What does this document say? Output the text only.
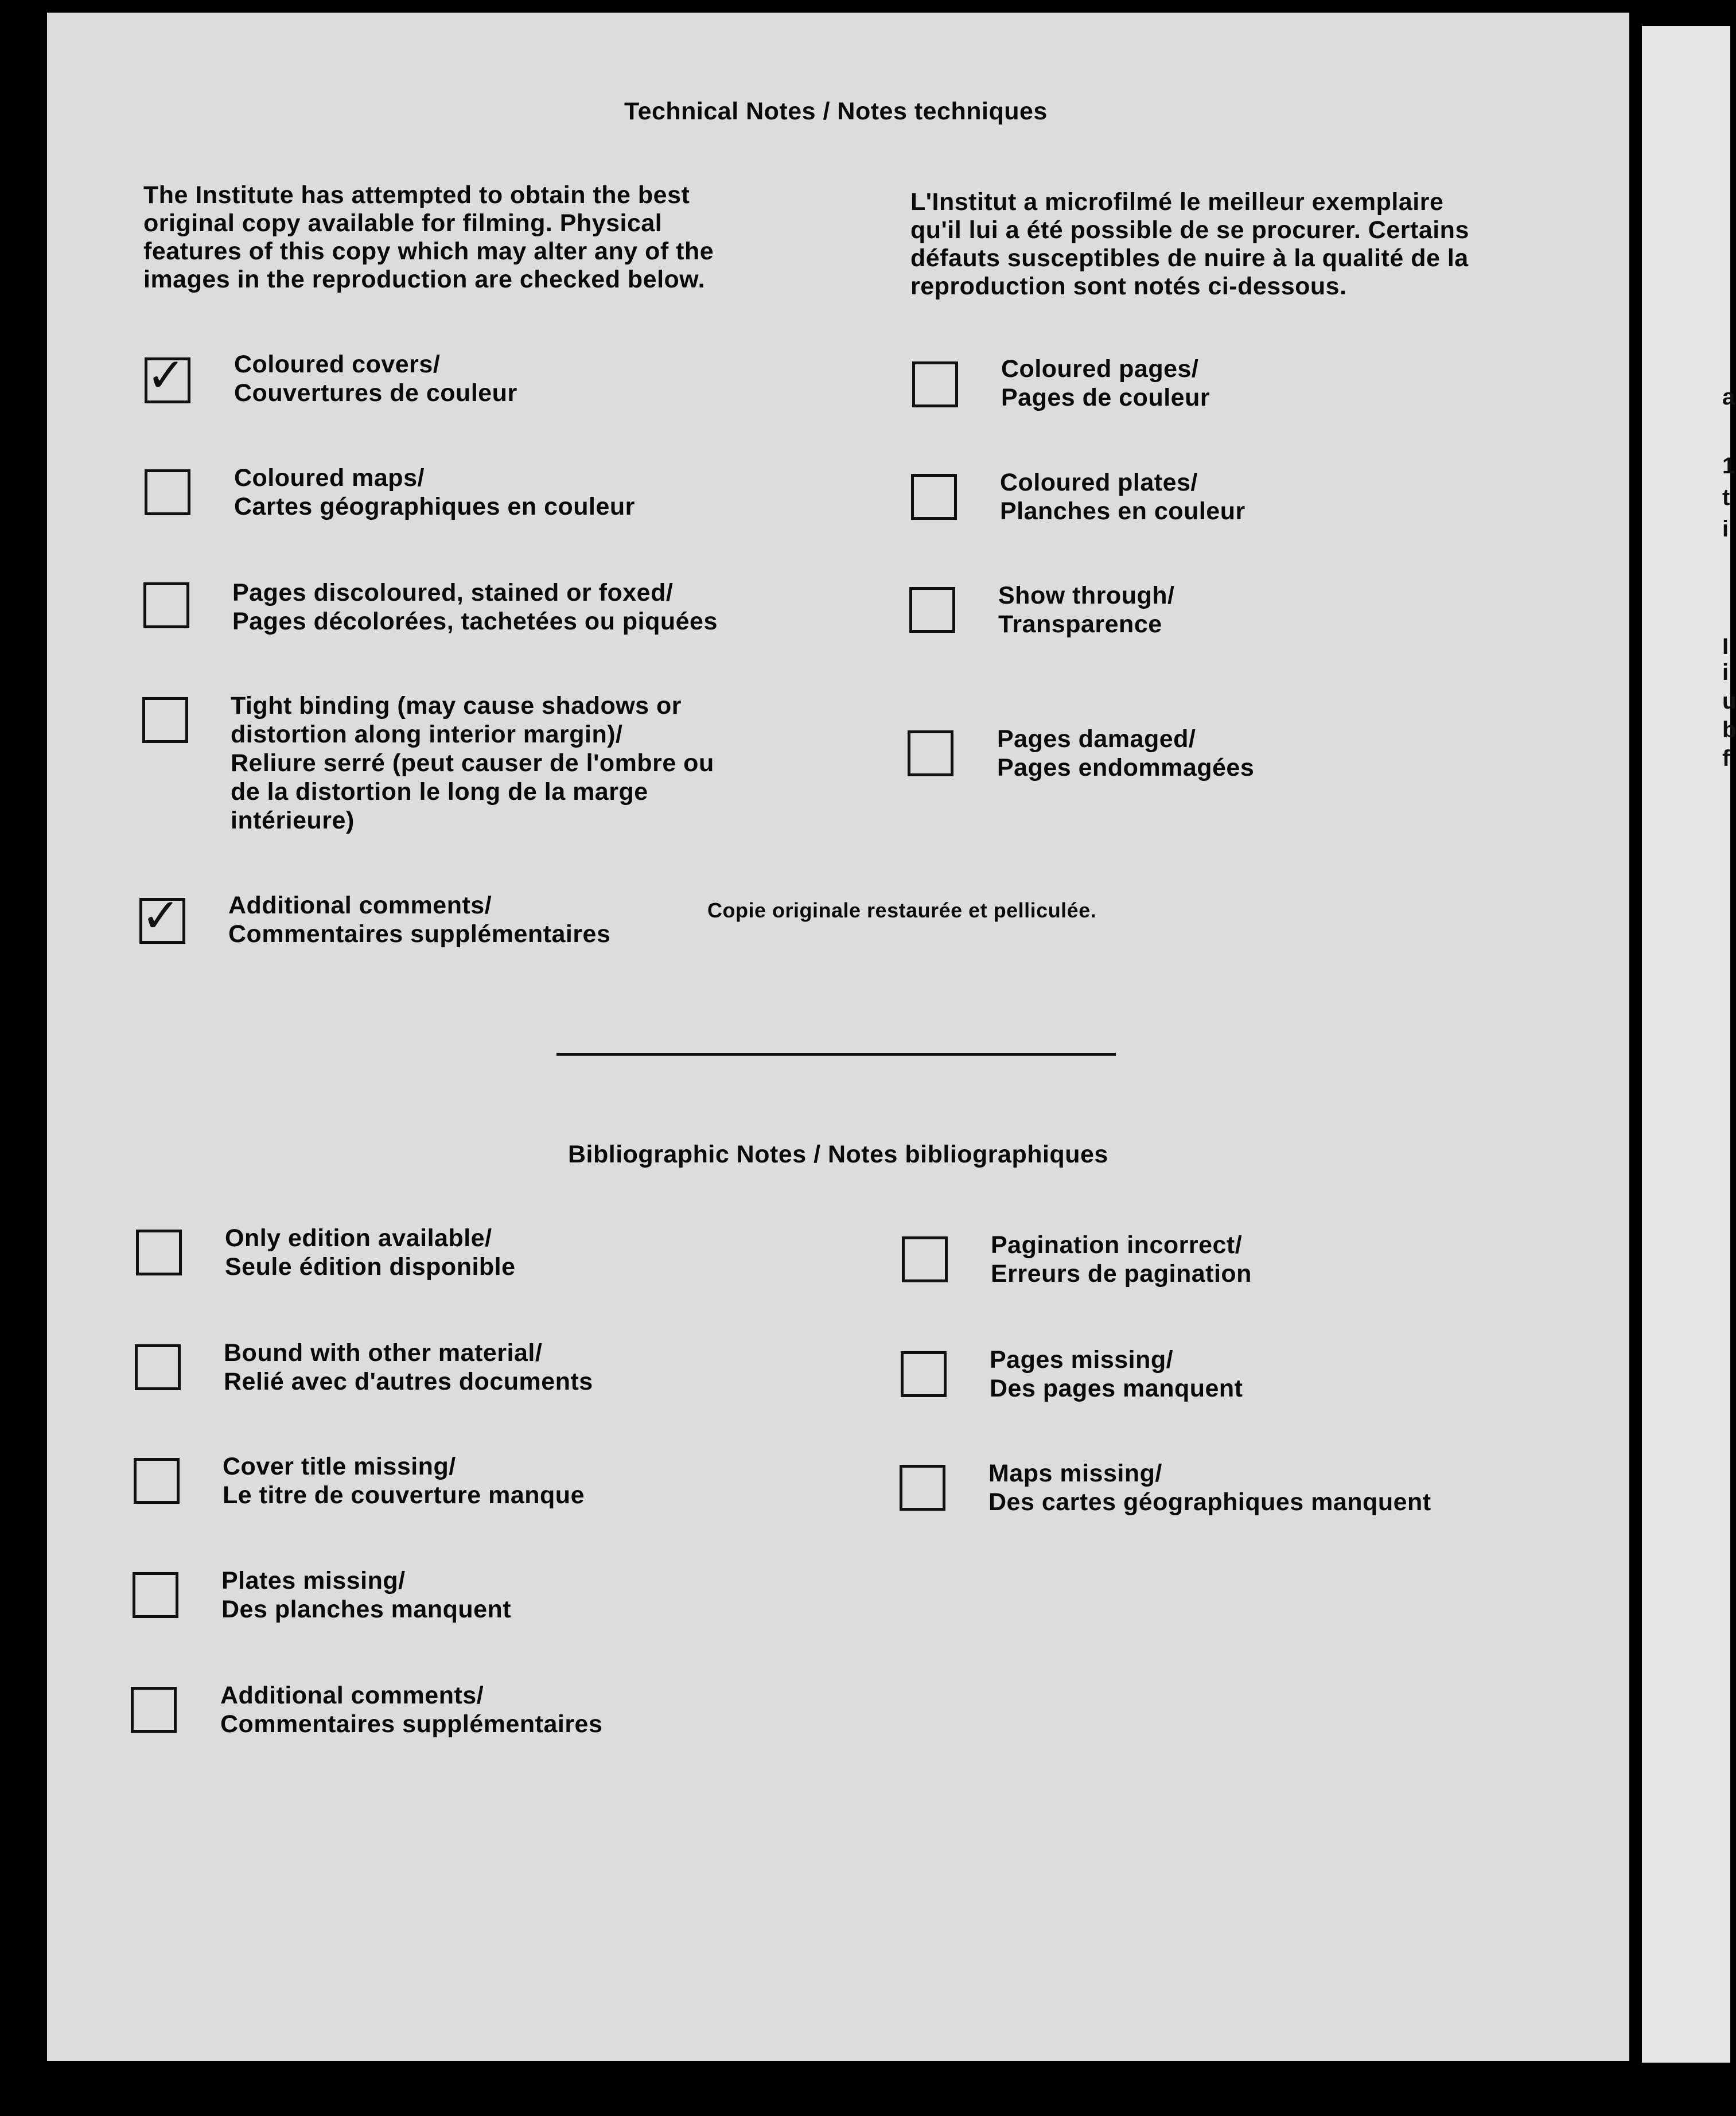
Technical Notes / Notes techniques
The Institute has attempted to obtain the best
original copy available for filming. Physical
features of this copy which may alter any of the
images in the reproduction are checked below.
L'Institut a microfilmé le meilleur exemplaire
qu'il lui a été possible de se procurer. Certains
défauts susceptibles de nuire à la qualité de la
reproduction sont notés ci-dessous.
✓ Coloured covers/
Couvertures de couleur
Coloured maps/
Cartes géographiques en couleur
Pages discoloured, stained or foxed/
Pages décolorées, tachetées ou piquées
Tight binding (may cause shadows or
distortion along interior margin)/
Reliure serré (peut causer de l'ombre ou
de la distortion le long de la marge
intérieure)
✓ Additional comments/
Commentaires supplémentaires
Copie originale restaurée et pelliculée.
Coloured pages/
Pages de couleur
Coloured plates/
Planches en couleur
Show through/
Transparence
Pages damaged/
Pages endommagées
Bibliographic Notes / Notes bibliographiques
Only edition available/
Seule édition disponible
Bound with other material/
Relié avec d'autres documents
Cover title missing/
Le titre de couverture manque
Plates missing/
Des planches manquent
Additional comments/
Commentaires supplémentaires
Pagination incorrect/
Erreurs de pagination
Pages missing/
Des pages manquent
Maps missing/
Des cartes géographiques manquent
a
1
t
i
I
i
u
b
f
